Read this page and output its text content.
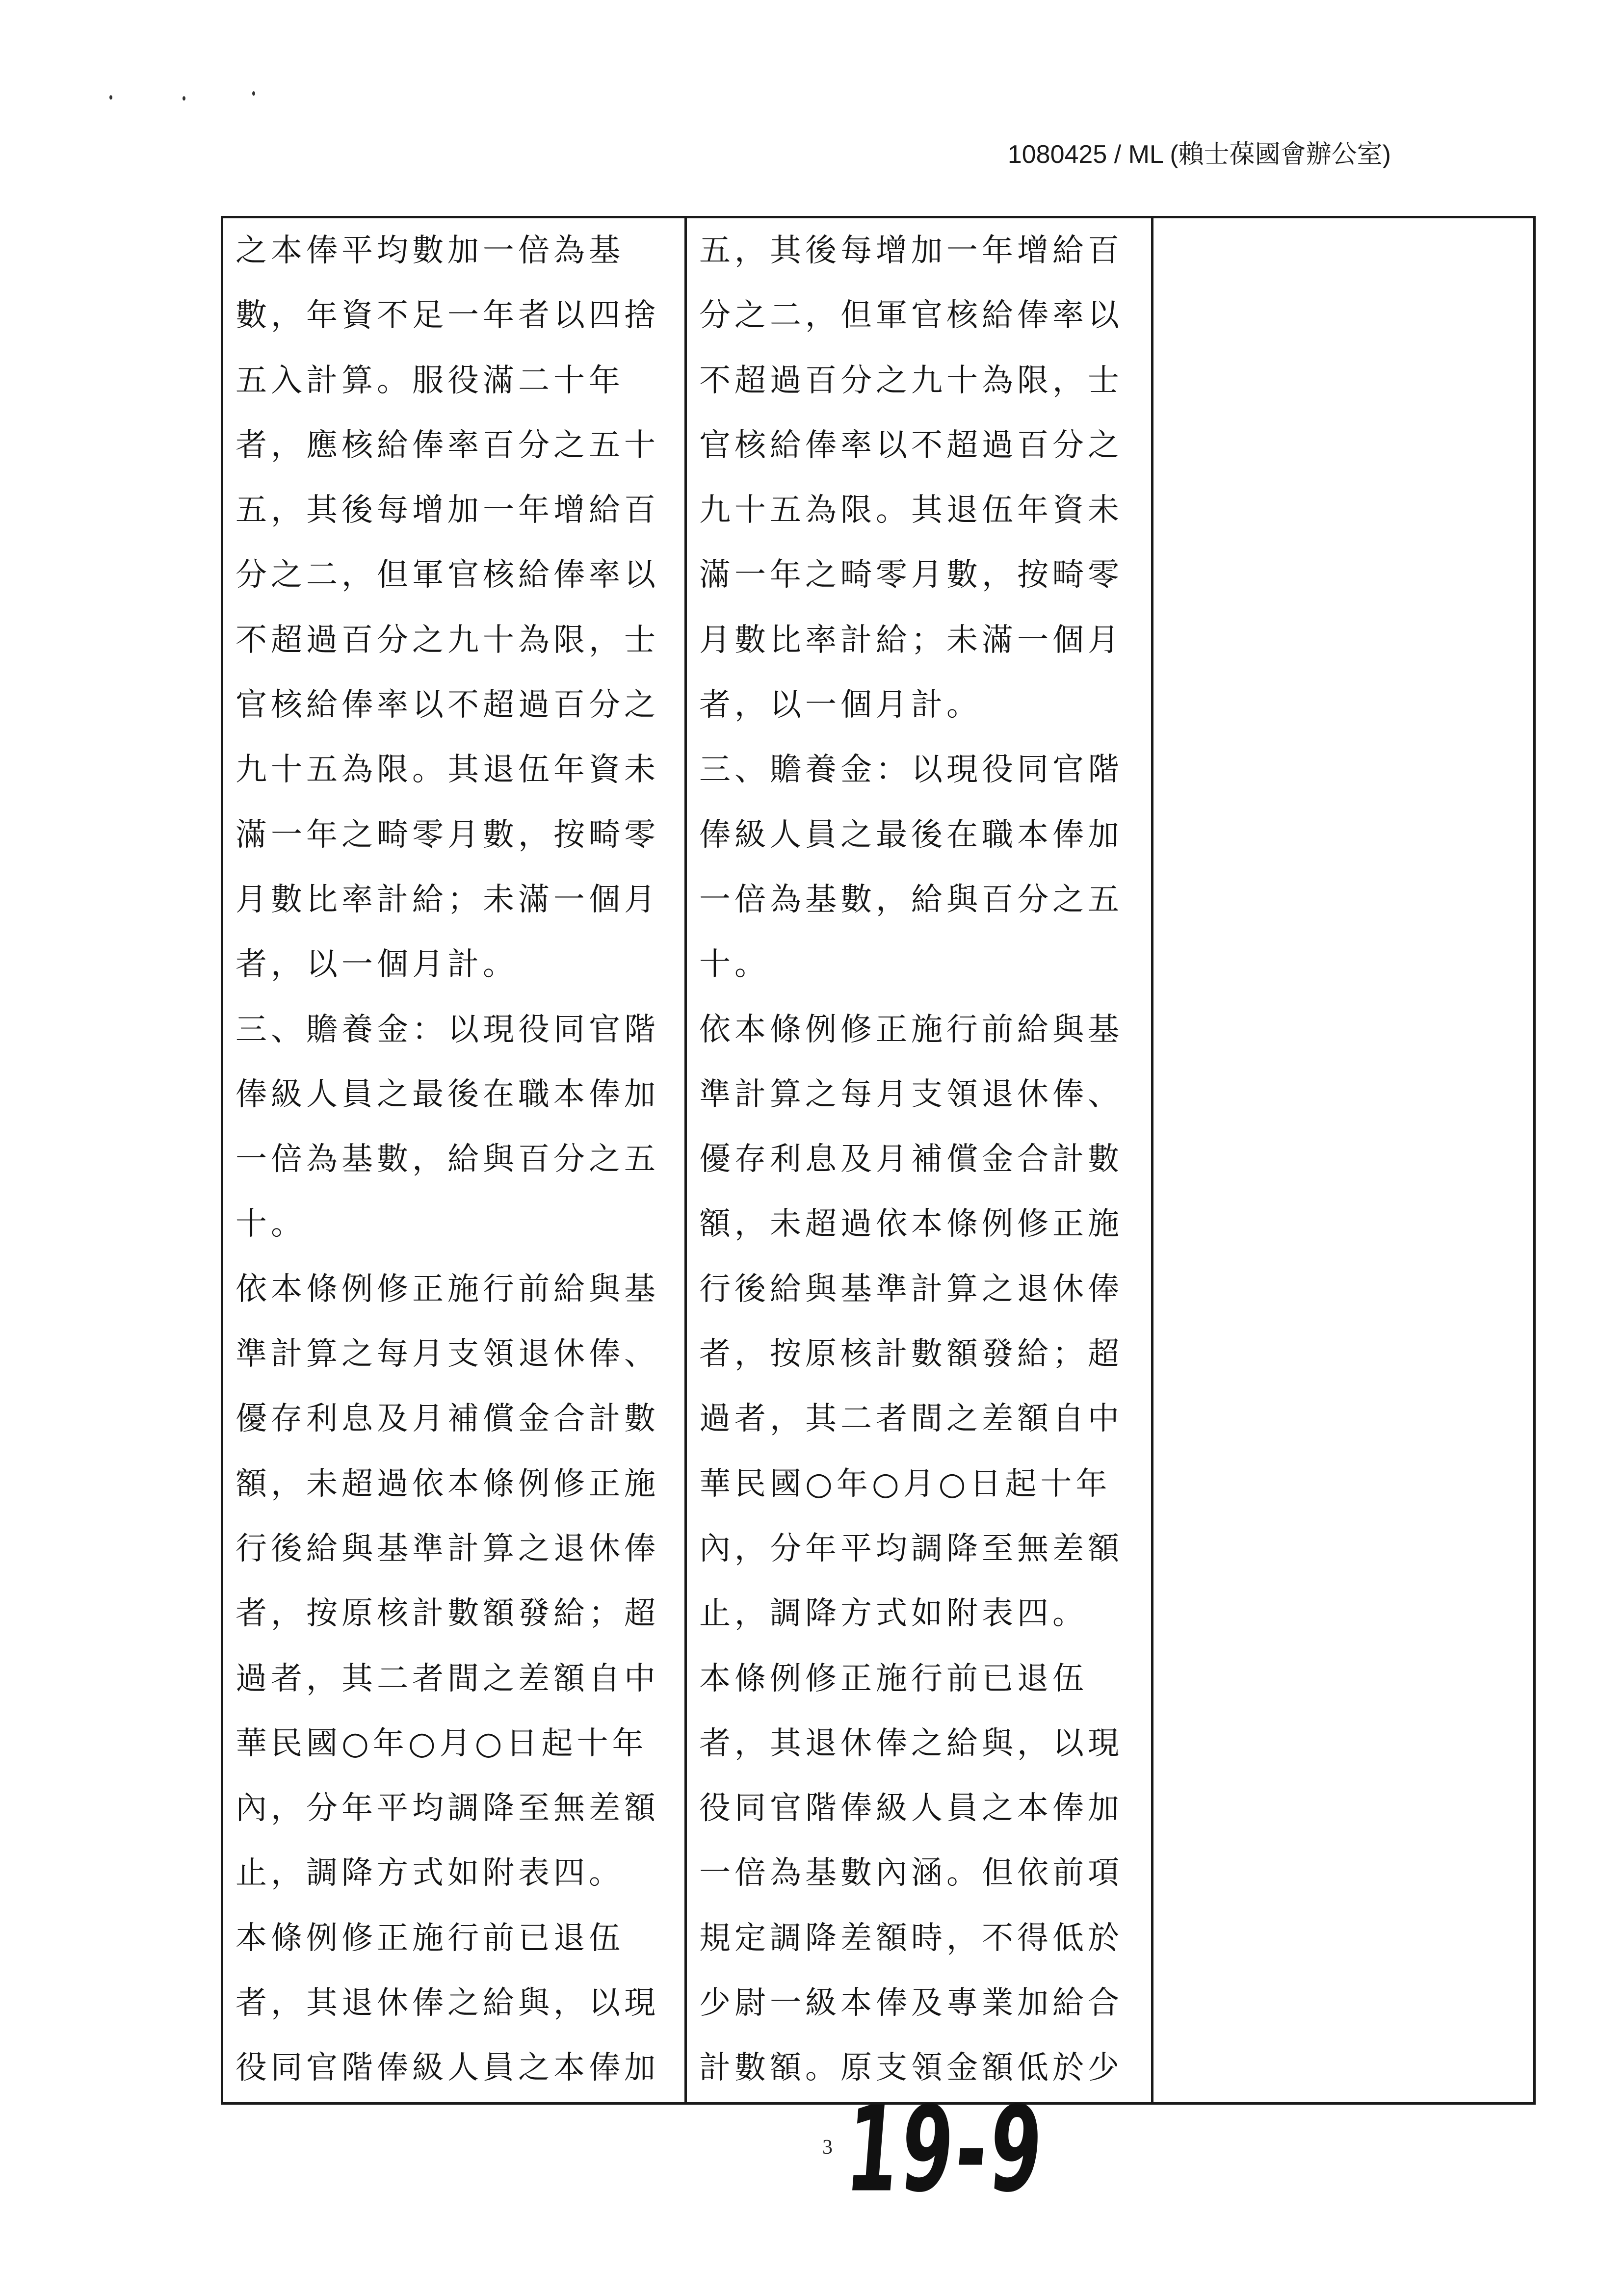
1080425 / ML (賴士葆國會辦公室)
之本俸平均數加一倍為基
數，年資不足一年者以四捨
五入計算。服役滿二十年
者，應核給俸率百分之五十
五，其後每增加一年增給百
分之二，但軍官核給俸率以
不超過百分之九十為限，士
官核給俸率以不超過百分之
九十五為限。其退伍年資未
滿一年之畸零月數，按畸零
月數比率計給；未滿一個月
者，以一個月計。
三、贍養金：以現役同官階
俸級人員之最後在職本俸加
一倍為基數，給與百分之五
十。
依本條例修正施行前給與基
準計算之每月支領退休俸、
優存利息及月補償金合計數
額，未超過依本條例修正施
行後給與基準計算之退休俸
者，按原核計數額發給；超
過者，其二者間之差額自中
華民國○年○月○日起十年
內，分年平均調降至無差額
止，調降方式如附表四。
本條例修正施行前已退伍
者，其退休俸之給與，以現
役同官階俸級人員之本俸加
五，其後每增加一年增給百
分之二，但軍官核給俸率以
不超過百分之九十為限，士
官核給俸率以不超過百分之
九十五為限。其退伍年資未
滿一年之畸零月數，按畸零
月數比率計給；未滿一個月
者，以一個月計。
三、贍養金：以現役同官階
俸級人員之最後在職本俸加
一倍為基數，給與百分之五
十。
依本條例修正施行前給與基
準計算之每月支領退休俸、
優存利息及月補償金合計數
額，未超過依本條例修正施
行後給與基準計算之退休俸
者，按原核計數額發給；超
過者，其二者間之差額自中
華民國○年○月○日起十年
內，分年平均調降至無差額
止，調降方式如附表四。
本條例修正施行前已退伍
者，其退休俸之給與，以現
役同官階俸級人員之本俸加
一倍為基數內涵。但依前項
規定調降差額時，不得低於
少尉一級本俸及專業加給合
計數額。原支領金額低於少
3 19-9
